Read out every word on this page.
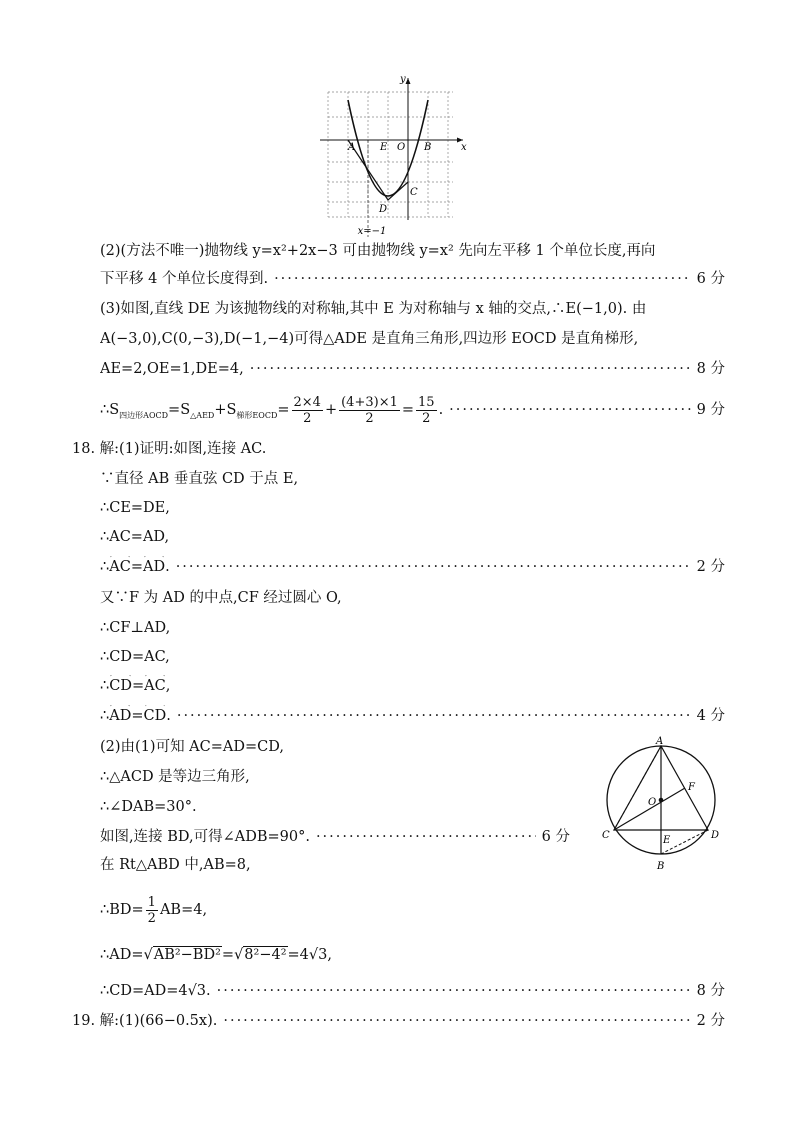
y
x
A E O B
C
D
x=−1
(2)(方法不唯一)抛物线 y=x²+2x−3 可由抛物线 y=x² 先向左平移 1 个单位长度,再向
下平移 4 个单位长度得到. ·····	6 分
(3)如图,直线 DE 为该抛物线的对称轴,其中 E 为对称轴与 x 轴的交点,∴E(−1,0). 由
A(−3,0),C(0,−3),D(−1,−4)可得△ADE 是直角三角形,四边形 EOCD 是直角梯形,
AE=2,OE=1,DE=4, ·····	8 分
$\therefore S_{四边形AOCD}=S_{\triangle AED}+S_{梯形EOCD}= \frac{2\times 4}{2} + \frac{(4+3)\times 1}{2} = \frac{15}{2}$ . ·····	9 分
18. 解:(1)证明:如图,连接 AC.
∵直径 AB 垂直弦 CD 于点 E,
∴CE=DE,
∴AC=AD,
∴AC=AD. ·····	2 分
又∵F 为 AD 的中点,CF 经过圆心 O,
∴CF⊥AD,
∴CD=AC,
∴CD=AC,
∴AD=CD. ·····	4 分
(2)由(1)可知 AC=AD=CD,
∴△ACD 是等边三角形,
∴∠DAB=30°.
如图,连接 BD,可得∠ADB=90°. ·····	6 分
在 Rt△ABD 中,AB=8,
∴BD= $\frac{1}{2} AB=4$,
∴AD=√AB²−BD²=√8²−4²=4√3,
∴CD=AD=4√3. ·····	8 分
A
O
F
C	E	D
B
19. 解:(1)(66−0.5x). ·····	2 分
